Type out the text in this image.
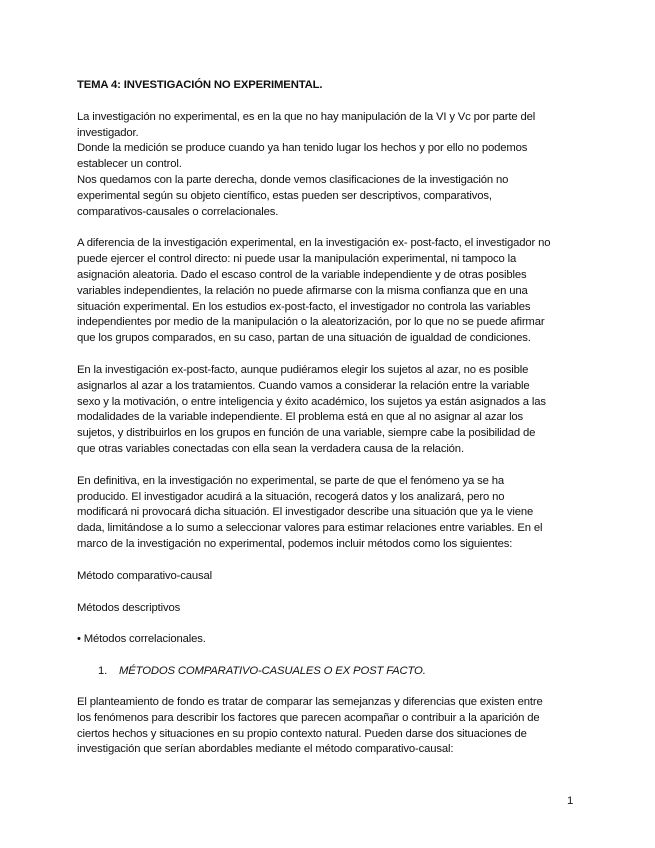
TEMA 4: INVESTIGACIÓN NO EXPERIMENTAL.
La investigación no experimental, es en la que no hay manipulación de la VI y Vc por parte del investigador.
Donde la medición se produce cuando ya han tenido lugar los hechos y por ello no podemos establecer un control.
Nos quedamos con la parte derecha, donde vemos clasificaciones de la investigación no experimental según su objeto científico, estas pueden ser descriptivos, comparativos, comparativos-causales o correlacionales.
A diferencia de la investigación experimental, en la investigación ex- post-facto, el investigador no puede ejercer el control directo: ni puede usar la manipulación experimental, ni tampoco la asignación aleatoria. Dado el escaso control de la variable independiente y de otras posibles variables independientes, la relación no puede afirmarse con la misma confianza que en una situación experimental. En los estudios ex-post-facto, el investigador no controla las variables independientes por medio de la manipulación o la aleatorización, por lo que no se puede afirmar que los grupos comparados, en su caso, partan de una situación de igualdad de condiciones.
En la investigación ex-post-facto, aunque pudiéramos elegir los sujetos al azar, no es posible asignarlos al azar a los tratamientos. Cuando vamos a considerar la relación entre la variable sexo y la motivación, o entre inteligencia y éxito académico, los sujetos ya están asignados a las modalidades de la variable independiente. El problema está en que al no asignar al azar los sujetos, y distribuirlos en los grupos en función de una variable, siempre cabe la posibilidad de que otras variables conectadas con ella sean la verdadera causa de la relación.
En definitiva, en la investigación no experimental, se parte de que el fenómeno ya se ha producido. El investigador acudirá a la situación, recogerá datos y los analizará, pero no modificará ni provocará dicha situación. El investigador describe una situación que ya le viene dada, limitándose a lo sumo a seleccionar valores para estimar relaciones entre variables. En el marco de la investigación no experimental, podemos incluir métodos como los siguientes:
Método comparativo-causal
Métodos descriptivos
• Métodos correlacionales.
1. MÉTODOS COMPARATIVO-CASUALES O EX POST FACTO.
El planteamiento de fondo es tratar de comparar las semejanzas y diferencias que existen entre los fenómenos para describir los factores que parecen acompañar o contribuir a la aparición de ciertos hechos y situaciones en su propio contexto natural. Pueden darse dos situaciones de investigación que serían abordables mediante el método comparativo-causal:
1
